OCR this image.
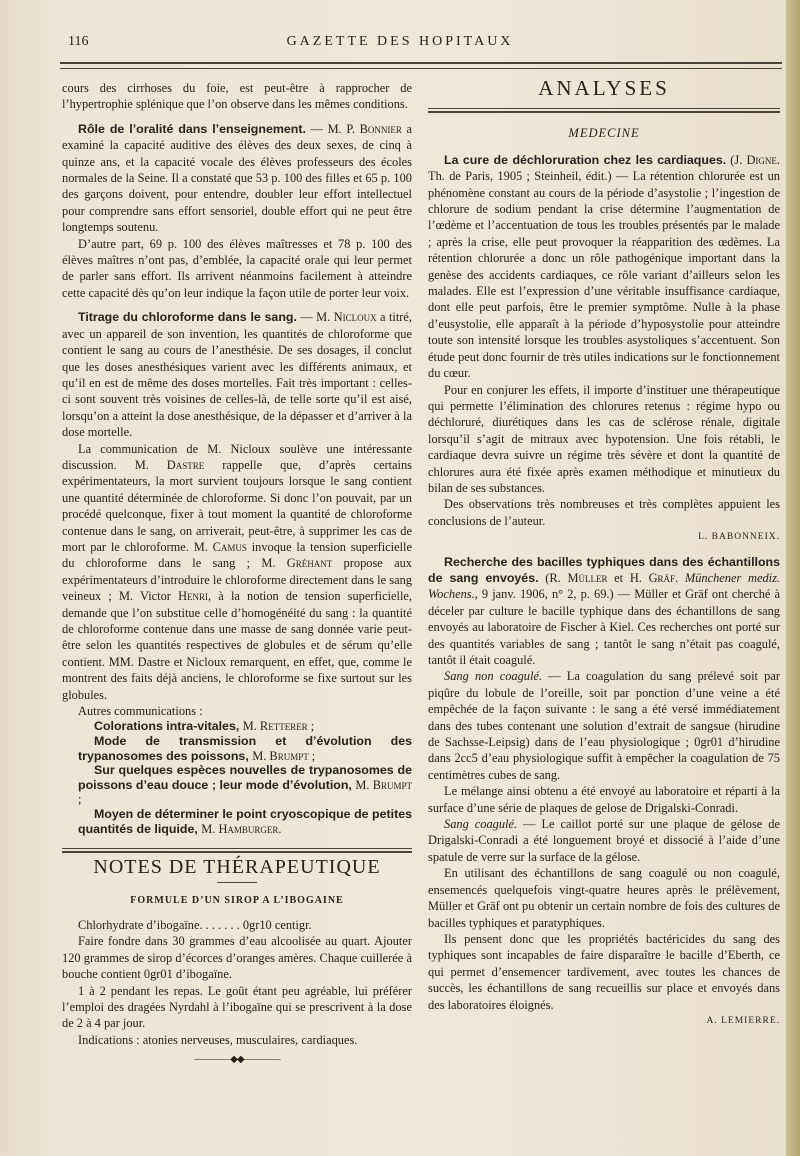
116	GAZETTE DES HOPITAUX

cours des cirrhoses du foie, est peut-être à rapprocher de l’hypertrophie splénique que l’on observe dans les mêmes conditions.

Rôle de l’oralité dans l’enseignement. — M. P. Bonnier a examiné la capacité auditive des élèves des deux sexes, de cinq à quinze ans, et la capacité vocale des élèves professeurs des écoles normales de la Seine. Il a constaté que 53 p. 100 des filles et 65 p. 100 des garçons doivent, pour entendre, doubler leur effort intellectuel pour comprendre sans effort sensoriel, double effort qui ne peut être longtemps soutenu.

D’autre part, 69 p. 100 des élèves maîtresses et 78 p. 100 des élèves maîtres n’ont pas, d’emblée, la capacité orale qui leur permet de parler sans effort. Ils arrivent néanmoins facilement à atteindre cette capacité dès qu’on leur indique la façon utile de porter leur voix.

Titrage du chloroforme dans le sang. — M. Nicloux a titré, avec un appareil de son invention, les quantités de chloroforme que contient le sang au cours de l’anesthésie. De ses dosages, il conclut que les doses anesthésiques varient avec les différents animaux, et qu’il en est de même des doses mortelles. Fait très important : celles-ci sont souvent très voisines de celles-là, de telle sorte qu’il est aisé, lorsqu’on a atteint la dose anesthésique, de la dépasser et d’arriver à la dose mortelle.

La communication de M. Nicloux soulève une intéressante discussion. M. Dastre rappelle que, d’après certains expérimentateurs, la mort survient toujours lorsque le sang contient une quantité déterminée de chloroforme. Si donc l’on pouvait, par un procédé quelconque, fixer à tout moment la quantité de chloroforme contenue dans le sang, on arriverait, peut-être, à supprimer les cas de mort par le chloroforme. M. Camus invoque la tension superficielle du chloroforme dans le sang ; M. Gréhant propose aux expérimentateurs d’introduire le chloroforme directement dans le sang veineux ; M. Victor Henri, à la notion de tension superficielle, demande que l’on substitue celle d’homogénéité du sang : la quantité de chloroforme contenue dans une masse de sang donnée varie peut-être selon les quantités respectives de globules et de sérum qu’elle contient. MM. Dastre et Nicloux remarquent, en effet, que, comme le montrent des faits déjà anciens, le chloroforme se fixe surtout sur les globules.

Autres communications :

Colorations intra-vitales, M. Retterer ;

Mode de transmission et d’évolution des trypanosomes des poissons, M. Brumpt ;

Sur quelques espèces nouvelles de trypanosomes de poissons d’eau douce ; leur mode d’évolution, M. Brumpt ;

Moyen de déterminer le point cryoscopique de petites quantités de liquide, M. Hamburger.

NOTES DE THÉRAPEUTIQUE
FORMULE D’UN SIROP A L’IBOGAINE

Chlorhydrate d’ibogaïne. . . . . . . 0gr10 centigr.

Faire fondre dans 30 grammes d’eau alcoolisée au quart. Ajouter 120 grammes de sirop d’écorces d’oranges amères. Chaque cuillerée à bouche contient 0gr01 d’ibogaïne.

1 à 2 pendant les repas. Le goût étant peu agréable, lui préférer l’emploi des dragées Nyrdahl à l’ibogaïne qui se prescrivent à la dose de 2 à 4 par jour.

Indications : atonies nerveuses, musculaires, cardiaques.

————◆◆————
ANALYSES
MEDECINE

La cure de déchloruration chez les cardiaques. (J. Digne. Th. de Paris, 1905 ; Steinheil, édit.) — La rétention chlorurée est un phénomène constant au cours de la période d’asystolie ; l’ingestion de chlorure de sodium pendant la crise détermine l’augmentation de l’œdème et l’accentuation de tous les troubles présentés par le malade ; après la crise, elle peut provoquer la réapparition des œdèmes. La rétention chlorurée a donc un rôle pathogénique important dans la genèse des accidents cardiaques, ce rôle variant d’ailleurs selon les malades. Elle est l’expression d’une véritable insuffisance cardiaque, dont elle peut parfois, être le premier symptôme. Nulle à la phase d’eusystolie, elle apparaît à la période d’hyposystolie pour atteindre toute son intensité lorsque les troubles asystoliques s’accentuent. Son étude peut donc fournir de très utiles indications sur le fonctionnement du cœur.

Pour en conjurer les effets, il importe d’instituer une thérapeutique qui permette l’élimination des chlorures retenus : régime hypo ou déchloruré, diurétiques dans les cas de sclérose rénale, digitale lorsqu’il s’agit de mitraux avec hypotension. Une fois rétabli, le cardiaque devra suivre un régime très sévère et dont la quantité de chlorures aura été fixée après examen méthodique et minutieux du bilan de ses substances.

Des observations très nombreuses et très complètes appuient les conclusions de l’auteur.

L. BABONNEIX.

Recherche des bacilles typhiques dans des échantillons de sang envoyés. (R. Müller et H. Gräf. Münchener mediz. Wochens., 9 janv. 1906, n° 2, p. 69.) — Müller et Gräf ont cherché à déceler par culture le bacille typhique dans des échantillons de sang envoyés au laboratoire de Fischer à Kiel. Ces recherches ont porté sur des quantités variables de sang ; tantôt le sang n’était pas coagulé, tantôt il était coagulé.

Sang non coagulé. — La coagulation du sang prélevé soit par piqûre du lobule de l’oreille, soit par ponction d’une veine a été empêchée de la façon suivante : le sang a été versé immédiatement dans des tubes contenant une solution d’extrait de sangsue (hirudine de Sachsse-Leipsig) dans de l’eau physiologique ; 0gr01 d’hirudine dans 2cc5 d’eau physiologique suffit à empêcher la coagulation de 75 centimètres cubes de sang.

Le mélange ainsi obtenu a été envoyé au laboratoire et réparti à la surface d’une série de plaques de gelose de Drigalski-Conradi.

Sang coagulé. — Le caillot porté sur une plaque de gélose de Drigalski-Conradi a été longuement broyé et dissocié à l’aide d’une spatule de verre sur la surface de la gélose.

En utilisant des échantillons de sang coagulé ou non coagulé, ensemencés quelquefois vingt-quatre heures après le prélèvement, Müller et Gräf ont pu obtenir un certain nombre de fois des cultures de bacilles typhiques et paratyphiques.

Ils pensent donc que les propriétés bactéricides du sang des typhiques sont incapables de faire disparaître le bacille d’Eberth, ce qui permet d’ensemencer tardivement, avec toutes les chances de succès, les échantillons de sang recueillis sur place et envoyés dans des laboratoires éloignés.

A. LEMIERRE.
